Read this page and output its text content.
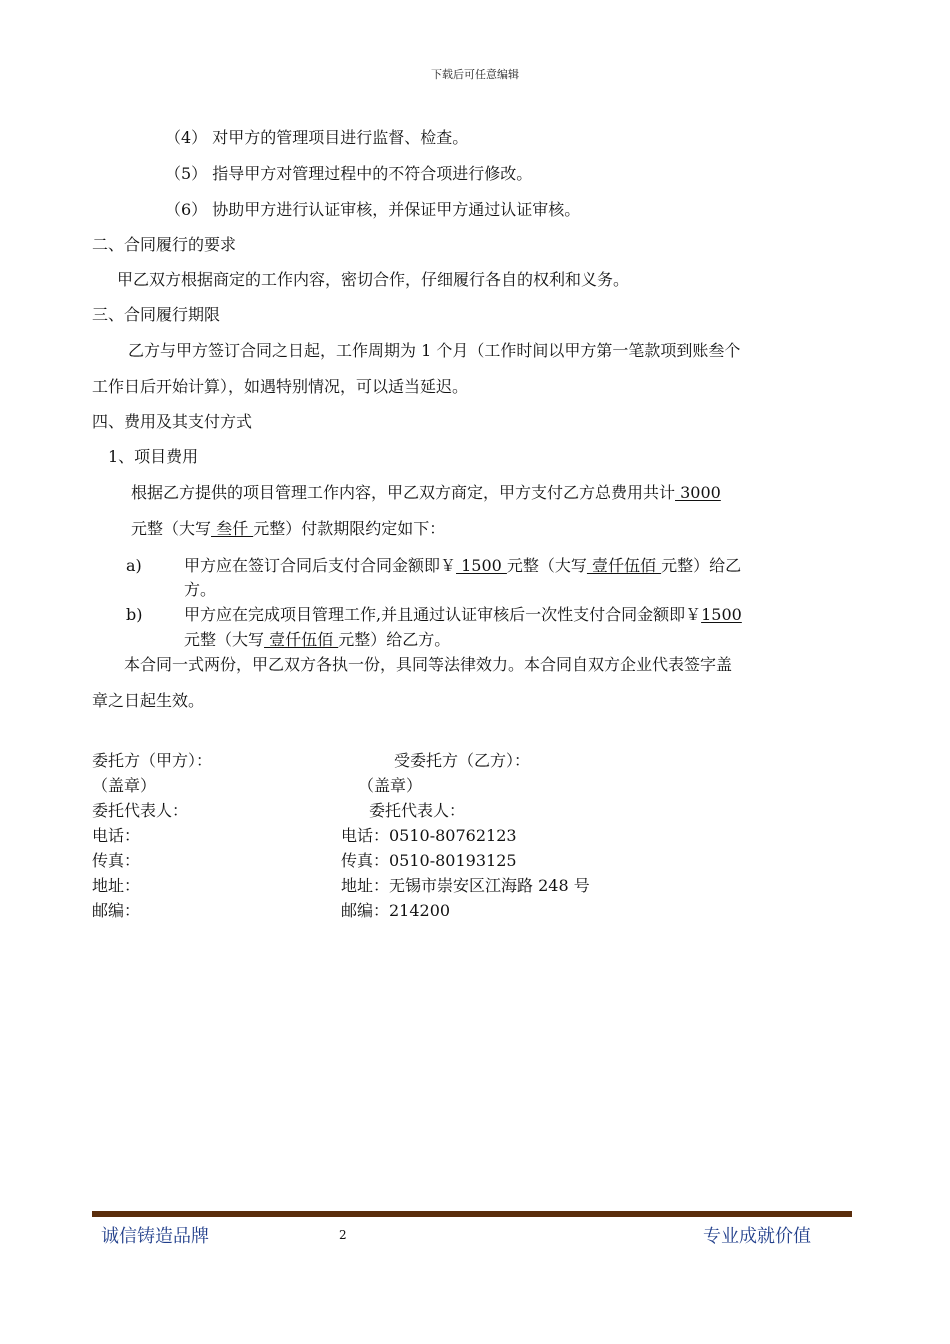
下载后可任意编辑
（4） 对甲方的管理项目进行监督、检查。
（5） 指导甲方对管理过程中的不符合项进行修改。
（6） 协助甲方进行认证审核，并保证甲方通过认证审核。
二、合同履行的要求
甲乙双方根据商定的工作内容，密切合作，仔细履行各自的权利和义务。
三、合同履行期限
乙方与甲方签订合同之日起，工作周期为 1 个月（工作时间以甲方第一笔款项到账叁个
工作日后开始计算），如遇特别情况，可以适当延迟。
四、费用及其支付方式
1、项目费用
根据乙方提供的项目管理工作内容，甲乙双方商定，甲方支付乙方总费用共计 3000
元整（大写 叁仟 元整）付款期限约定如下：
a)	甲方应在签订合同后支付合同金额即￥ 1500 元整（大写 壹仟伍佰 元整）给乙
方。
b)	甲方应在完成项目管理工作,并且通过认证审核后一次性支付合同金额即￥1500
元整（大写 壹仟伍佰 元整）给乙方。
本合同一式两份，甲乙双方各执一份，具同等法律效力。本合同自双方企业代表签字盖
章之日起生效。
委托方（甲方）：	受委托方（乙方）：
（盖章）	（盖章）
委托代表人：	委托代表人：
电话：	电话：0510-80762123
传真：	传真：0510-80193125
地址：	地址：无锡市崇安区江海路 248 号
邮编：	邮编：214200
诚信铸造品牌	2	专业成就价值
